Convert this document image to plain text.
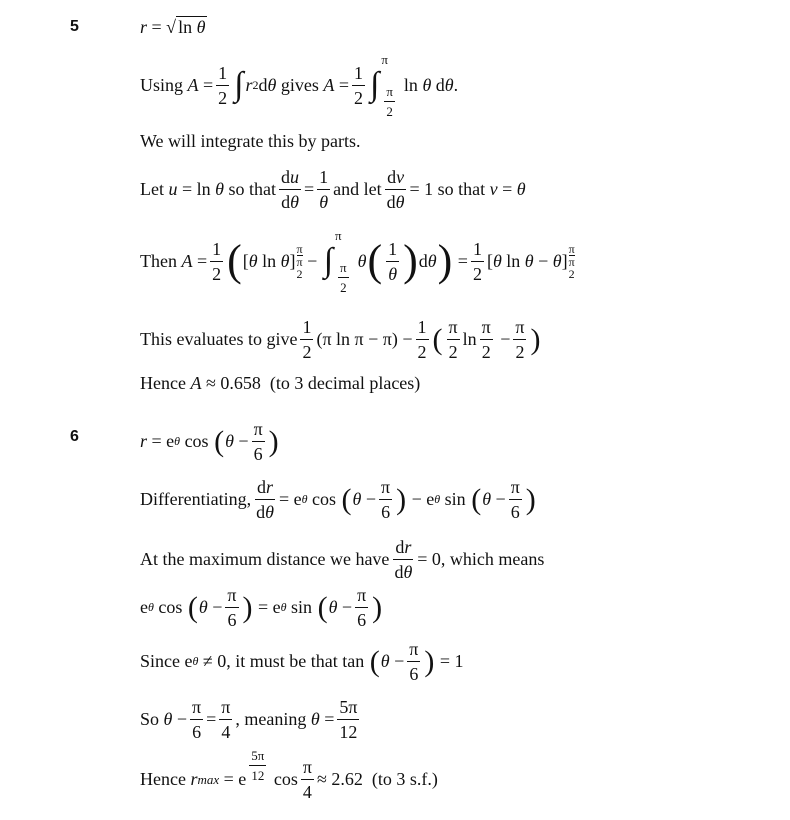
5	r = √ ln θ
Using
$A = \frac{1}{2}$ ∫ r 2 d θ
gives
$A = \frac{1}{2}$ ∫
π
$\frac{\pi}{2}$
ln θ d θ .
We will integrate this by parts.
Let
u = ln θ
so that $\frac{du}{d\theta} = \frac{1}{\theta}$ and let $\frac{dv}{d\theta} = 1$ so that
v = θ
Then
$A = \frac{1}{2}$ ( [ θ ln θ ]
π
π
2
− ∫
π
$\frac{\pi}{2}$
θ ( $\frac{1}{\theta}$ ) d θ ) = $\frac{1}{2}$ [ θ ln θ − θ ]
π
π
2
This evaluates to give $\frac{1}{2} (\pi$ $\ln \pi - \pi) - \frac{1}{2}$ ( $\frac{\pi}{2}$ $\ln \frac{\pi}{2} - \frac{\pi}{2}$ )
Hence
A
≈ 0.658
(to 3 decimal places)
6	r = e θ cos ( $\theta - \frac{\pi}{6}$ )
Differentiating, $\frac{dr}{d\theta} = e$ θ cos ( $\theta - \frac{\pi}{6}$ ) − e θ sin ( $\theta - \frac{\pi}{6}$ )
At the maximum distance we have $\frac{dr}{d\theta} = 0$, which means
e θ cos ( $\theta - \frac{\pi}{6}$ ) = e θ sin ( $\theta - \frac{\pi}{6}$ )
Since e θ
≠ 0, it must be that tan
( $\theta - \frac{\pi}{6}$ )
= 1
So
$\theta - \frac{\pi}{6} = \frac{\pi}{4}$ , meaning
$\theta = \frac{5\pi}{12}$
Hence
r max = e $\frac{5\pi}{12}$ $\cos \frac{\pi}{4} \approx 2.62$
(to 3 s.f.)
